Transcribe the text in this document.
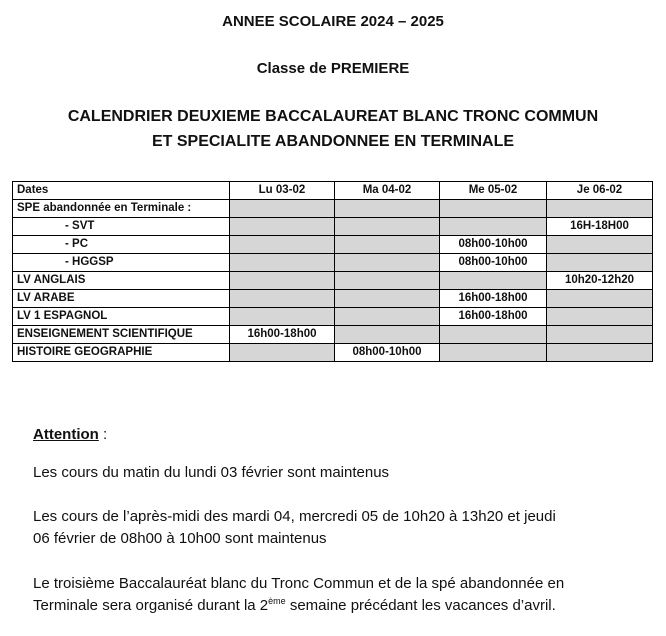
ANNEE SCOLAIRE 2024 – 2025
Classe de PREMIERE
CALENDRIER DEUXIEME BACCALAUREAT BLANC TRONC COMMUN
ET SPECIALITE ABANDONNEE EN TERMINALE
Dates	Lu 03-02	Ma 04-02	Me 05-02	Je 06-02
SPE abandonnée en Terminale :				
- SVT				16H-18H00
- PC			08h00-10h00	
- HGGSP			08h00-10h00	
LV ANGLAIS				10h20-12h20
LV ARABE			16h00-18h00	
LV 1 ESPAGNOL			16h00-18h00	
ENSEIGNEMENT SCIENTIFIQUE	16h00-18h00			
HISTOIRE GEOGRAPHIE		08h00-10h00		

Attention :

Les cours du matin du lundi 03 février sont maintenus

Les cours de l’après-midi des mardi 04, mercredi 05 de 10h20 à 13h20 et jeudi
06 février de 08h00 à 10h00 sont maintenus

Le troisième Baccalauréat blanc du Tronc Commun et de la spé abandonnée en
Terminale sera organisé durant la 2ème semaine précédant les vacances d’avril.
